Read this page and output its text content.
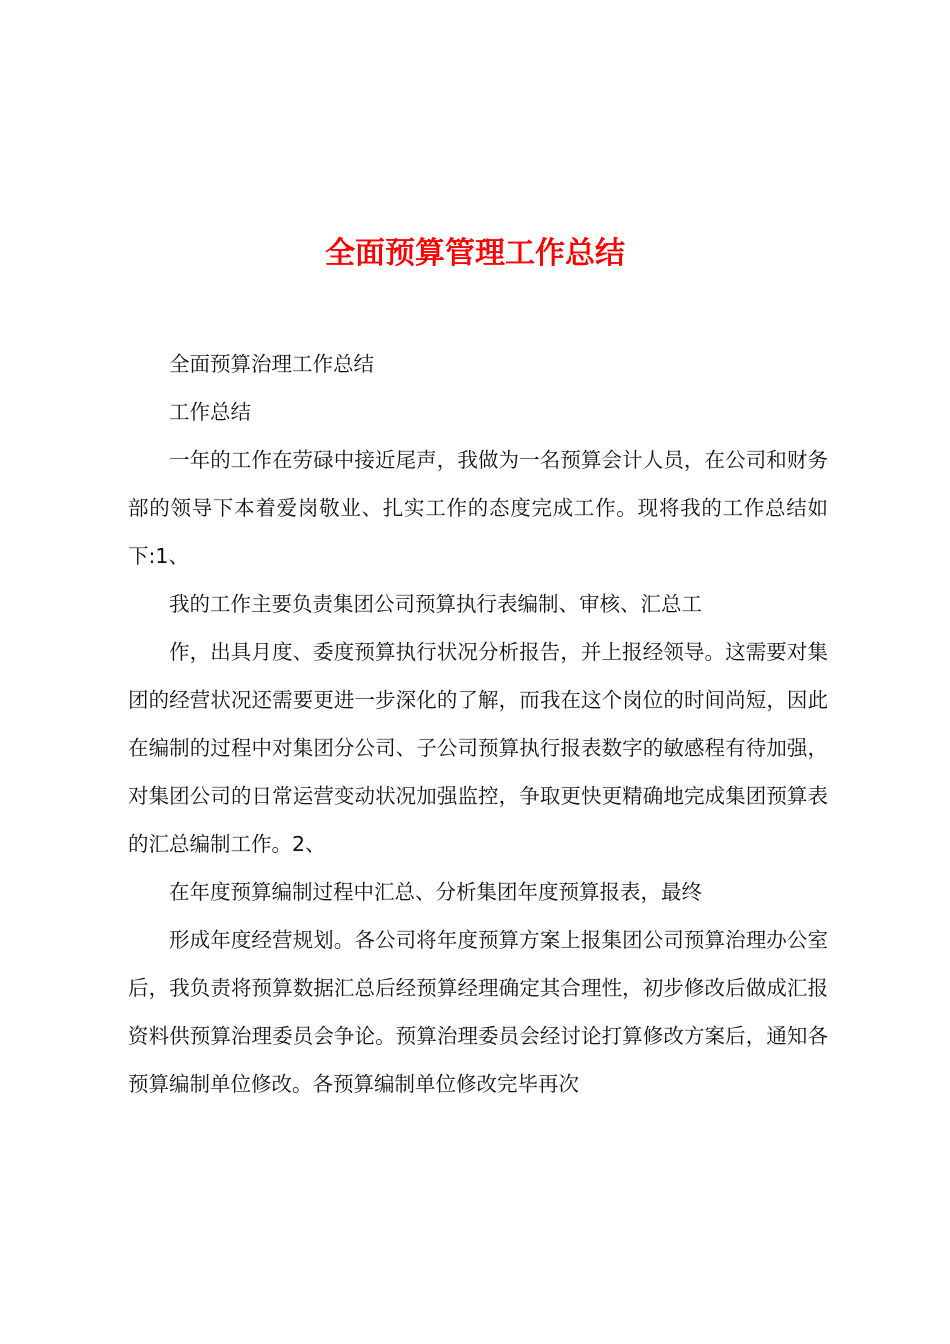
全面预算管理工作总结

全面预算治理工作总结

工作总结

一年的工作在劳碌中接近尾声，我做为一名预算会计人员，在公司和财务部的领导下本着爱岗敬业、扎实工作的态度完成工作。现将我的工作总结如下:1、

我的工作主要负责集团公司预算执行表编制、审核、汇总工

作，出具月度、委度预算执行状况分析报告，并上报经领导。这需要对集团的经营状况还需要更进一步深化的了解，而我在这个岗位的时间尚短，因此在编制的过程中对集团分公司、子公司预算执行报表数字的敏感程有待加强，对集团公司的日常运营变动状况加强监控，争取更快更精确地完成集团预算表的汇总编制工作。2、

在年度预算编制过程中汇总、分析集团年度预算报表，最终

形成年度经营规划。各公司将年度预算方案上报集团公司预算治理办公室后，我负责将预算数据汇总后经预算经理确定其合理性，初步修改后做成汇报资料供预算治理委员会争论。预算治理委员会经讨论打算修改方案后，通知各预算编制单位修改。各预算编制单位修改完毕再次
